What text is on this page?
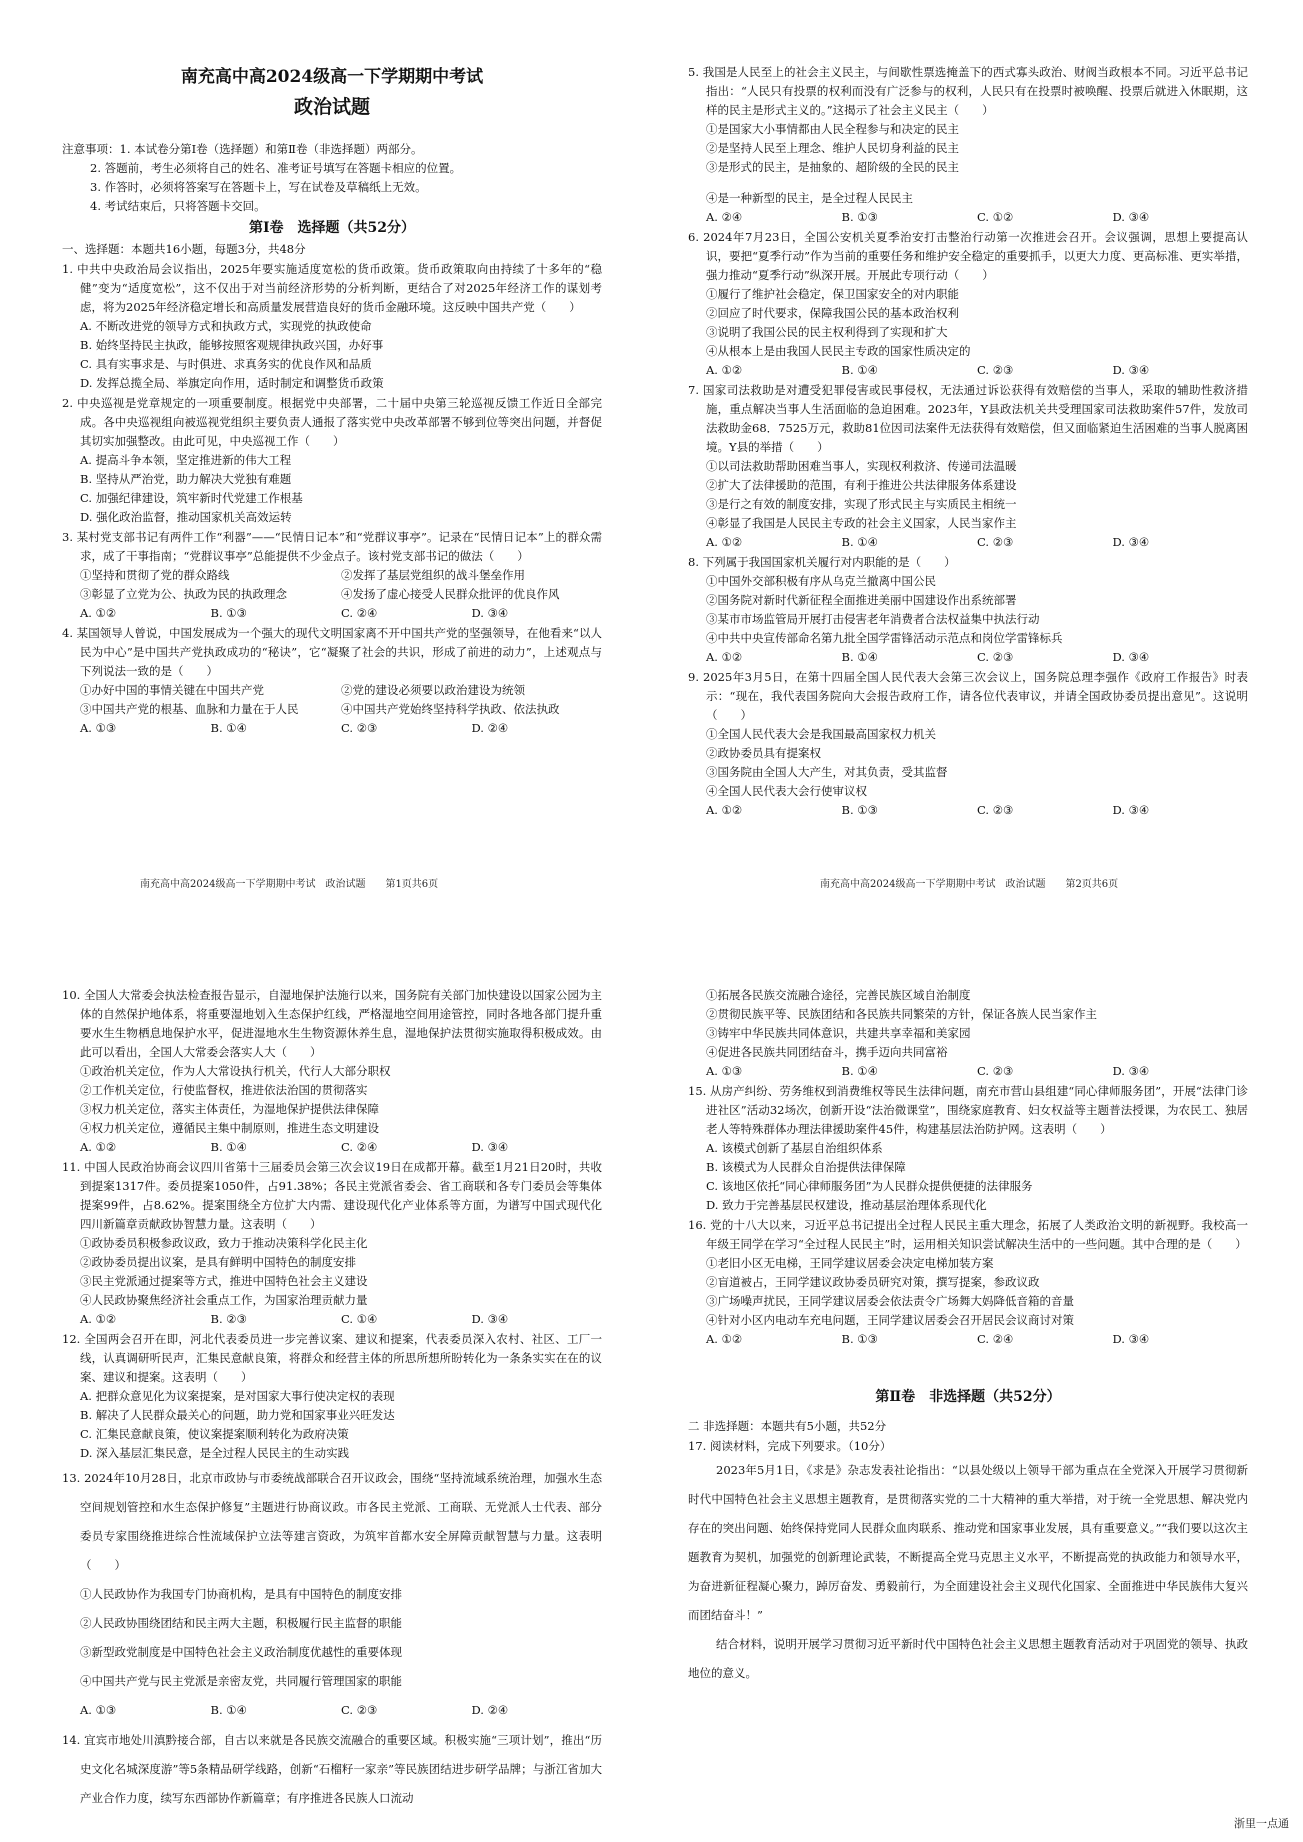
南充高中高2024级高一下学期期中考试
政治试题
注意事项：1. 本试卷分第Ⅰ卷（选择题）和第Ⅱ卷（非选择题）两部分。
2. 答题前，考生必须将自己的姓名、准考证号填写在答题卡相应的位置。
3. 作答时，必须将答案写在答题卡上，写在试卷及草稿纸上无效。
4. 考试结束后，只将答题卡交回。
第Ⅰ卷　选择题（共52分）
一、选择题：本题共16小题，每题3分，共48分
1. 中共中央政治局会议指出，2025年要实施适度宽松的货币政策。货币政策取向由持续了十多年的“稳健”变为“适度宽松”，这不仅出于对当前经济形势的分析判断，更结合了对2025年经济工作的谋划考虑，将为2025年经济稳定增长和高质量发展营造良好的货币金融环境。这反映中国共产党（　　）
A. 不断改进党的领导方式和执政方式，实现党的执政使命
B. 始终坚持民主执政，能够按照客观规律执政兴国，办好事
C. 具有实事求是、与时俱进、求真务实的优良作风和品质
D. 发挥总揽全局、举旗定向作用，适时制定和调整货币政策
2. 中央巡视是党章规定的一项重要制度。根据党中央部署，二十届中央第三轮巡视反馈工作近日全部完成。各中央巡视组向被巡视党组织主要负责人通报了落实党中央改革部署不够到位等突出问题，并督促其切实加强整改。由此可见，中央巡视工作（　　）
A. 提高斗争本领，坚定推进新的伟大工程
B. 坚持从严治党，助力解决大党独有难题
C. 加强纪律建设，筑牢新时代党建工作根基
D. 强化政治监督，推动国家机关高效运转
3. 某村党支部书记有两件工作“利器”——“民情日记本”和“党群议事亭”。记录在“民情日记本”上的群众需求，成了干事指南；“党群议事亭”总能提供不少金点子。该村党支部书记的做法（　　）
①坚持和贯彻了党的群众路线	②发挥了基层党组织的战斗堡垒作用
③彰显了立党为公、执政为民的执政理念	④发扬了虚心接受人民群众批评的优良作风
A. ①②	B. ①③	C. ②④	D. ③④
4. 某国领导人曾说，中国发展成为一个强大的现代文明国家离不开中国共产党的坚强领导，在他看来“以人民为中心”是中国共产党执政成功的“秘诀”，它“凝聚了社会的共识，形成了前进的动力”，上述观点与下列说法一致的是（　　）
①办好中国的事情关键在中国共产党	②党的建设必须要以政治建设为统领
③中国共产党的根基、血脉和力量在于人民	④中国共产党始终坚持科学执政、依法执政
A. ①③	B. ①④	C. ②③	D. ②④
南充高中高2024级高一下学期期中考试　政治试题　　第1页共6页
5. 我国是人民至上的社会主义民主，与间歇性票选掩盖下的西式寡头政治、财阀当政根本不同。习近平总书记指出：“人民只有投票的权利而没有广泛参与的权利，人民只有在投票时被唤醒、投票后就进入休眠期，这样的民主是形式主义的。”这揭示了社会主义民主（　　）
①是国家大小事情都由人民全程参与和决定的民主
②是坚持人民至上理念、维护人民切身利益的民主
③是形式的民主，是抽象的、超阶级的全民的民主
④是一种新型的民主，是全过程人民民主
A. ②④	B. ①③	C. ①②	D. ③④
6. 2024年7月23日，全国公安机关夏季治安打击整治行动第一次推进会召开。会议强调，思想上要提高认识，要把“夏季行动”作为当前的重要任务和维护安全稳定的重要抓手，以更大力度、更高标准、更实举措，强力推动“夏季行动”纵深开展。开展此专项行动（　　）
①履行了维护社会稳定，保卫国家安全的对内职能
②回应了时代要求，保障我国公民的基本政治权利
③说明了我国公民的民主权利得到了实现和扩大
④从根本上是由我国人民民主专政的国家性质决定的
A. ①②	B. ①④	C. ②③	D. ③④
7. 国家司法救助是对遭受犯罪侵害或民事侵权，无法通过诉讼获得有效赔偿的当事人，采取的辅助性救济措施，重点解决当事人生活面临的急迫困难。2023年，Y县政法机关共受理国家司法救助案件57件，发放司法救助金68．7525万元，救助81位因司法案件无法获得有效赔偿，但又面临紧迫生活困难的当事人脱离困境。Y县的举措（　　）
①以司法救助帮助困难当事人，实现权利救济、传递司法温暖
②扩大了法律援助的范围，有利于推进公共法律服务体系建设
③是行之有效的制度安排，实现了形式民主与实质民主相统一
④彰显了我国是人民民主专政的社会主义国家，人民当家作主
A. ①②	B. ①④	C. ②③	D. ③④
8. 下列属于我国国家机关履行对内职能的是（　　）
①中国外交部积极有序从乌克兰撤离中国公民
②国务院对新时代新征程全面推进美丽中国建设作出系统部署
③某市市场监管局开展打击侵害老年消费者合法权益集中执法行动
④中共中央宣传部命名第九批全国学雷锋活动示范点和岗位学雷锋标兵
A. ①②	B. ①④	C. ②③	D. ③④
9. 2025年3月5日，在第十四届全国人民代表大会第三次会议上，国务院总理李强作《政府工作报告》时表示：“现在，我代表国务院向大会报告政府工作，请各位代表审议，并请全国政协委员提出意见”。这说明（　　）
①全国人民代表大会是我国最高国家权力机关
②政协委员具有提案权
③国务院由全国人大产生，对其负责，受其监督
④全国人民代表大会行使审议权
A. ①②	B. ①③	C. ②③	D. ③④
南充高中高2024级高一下学期期中考试　政治试题　　第2页共6页
10. 全国人大常委会执法检查报告显示，自湿地保护法施行以来，国务院有关部门加快建设以国家公园为主体的自然保护地体系，将重要湿地划入生态保护红线，严格湿地空间用途管控，同时各地各部门提升重要水生生物栖息地保护水平，促进湿地水生生物资源休养生息，湿地保护法贯彻实施取得积极成效。由此可以看出，全国人大常委会落实人大（　　）
①政治机关定位，作为人大常设执行机关，代行人大部分职权
②工作机关定位，行使监督权，推进依法治国的贯彻落实
③权力机关定位，落实主体责任，为湿地保护提供法律保障
④权力机关定位，遵循民主集中制原则，推进生态文明建设
A. ①②	B. ①④	C. ②④	D. ③④
11. 中国人民政治协商会议四川省第十三届委员会第三次会议19日在成都开幕。截至1月21日20时，共收到提案1317件。委员提案1050件，占91.38%；各民主党派省委会、省工商联和各专门委员会等集体提案99件，占8.62%。提案围绕全方位扩大内需、建设现代化产业体系等方面，为谱写中国式现代化四川新篇章贡献政协智慧力量。这表明（　　）
①政协委员积极参政议政，致力于推动决策科学化民主化
②政协委员提出议案，是具有鲜明中国特色的制度安排
③民主党派通过提案等方式，推进中国特色社会主义建设
④人民政协聚焦经济社会重点工作，为国家治理贡献力量
A. ①②	B. ②③	C. ①④	D. ③④
12. 全国两会召开在即，河北代表委员进一步完善议案、建议和提案，代表委员深入农村、社区、工厂一线，认真调研听民声，汇集民意献良策，将群众和经营主体的所思所想所盼转化为一条条实实在在的议案、建议和提案。这表明（　　）
A. 把群众意见化为议案提案，是对国家大事行使决定权的表现
B. 解决了人民群众最关心的问题，助力党和国家事业兴旺发达
C. 汇集民意献良策，使议案提案顺利转化为政府决策
D. 深入基层汇集民意，是全过程人民民主的生动实践
13. 2024年10月28日，北京市政协与市委统战部联合召开议政会，围绕“坚持流域系统治理，加强水生态空间规划管控和水生态保护修复”主题进行协商议政。市各民主党派、工商联、无党派人士代表、部分委员专家围绕推进综合性流域保护立法等建言资政，为筑牢首都水安全屏障贡献智慧与力量。这表明（　　）
①人民政协作为我国专门协商机构，是具有中国特色的制度安排
②人民政协围绕团结和民主两大主题，积极履行民主监督的职能
③新型政党制度是中国特色社会主义政治制度优越性的重要体现
④中国共产党与民主党派是亲密友党，共同履行管理国家的职能
A. ①③	B. ①④	C. ②③	D. ②④
14. 宜宾市地处川滇黔接合部，自古以来就是各民族交流融合的重要区域。积极实施“三项计划”，推出“历史文化名城深度游”等5条精品研学线路，创新“石榴籽一家亲”等民族团结进步研学品牌；与浙江省加大产业合作力度，续写东西部协作新篇章；有序推进各民族人口流动
①拓展各民族交流融合途径，完善民族区域自治制度
②贯彻民族平等、民族团结和各民族共同繁荣的方针，保证各族人民当家作主
③铸牢中华民族共同体意识，共建共享幸福和美家园
④促进各民族共同团结奋斗，携手迈向共同富裕
A. ①③	B. ①④	C. ②③	D. ③④
15. 从房产纠纷、劳务维权到消费维权等民生法律问题，南充市营山县组建“同心律师服务团”，开展“法律门诊进社区”活动32场次，创新开设“法治微课堂”，围绕家庭教育、妇女权益等主题普法授课，为农民工、独居老人等特殊群体办理法律援助案件45件，构建基层法治防护网。这表明（　　）
A. 该模式创新了基层自治组织体系
B. 该模式为人民群众自治提供法律保障
C. 该地区依托“同心律师服务团”为人民群众提供便捷的法律服务
D. 致力于完善基层民权建设，推动基层治理体系现代化
16. 党的十八大以来，习近平总书记提出全过程人民民主重大理念，拓展了人类政治文明的新视野。我校高一年级王同学在学习“全过程人民民主”时，运用相关知识尝试解决生活中的一些问题。其中合理的是（　　）
①老旧小区无电梯，王同学建议居委会决定电梯加装方案
②盲道被占，王同学建议政协委员研究对策，撰写提案，参政议政
③广场噪声扰民，王同学建议居委会依法责令广场舞大妈降低音箱的音量
④针对小区内电动车充电问题，王同学建议居委会召开居民会议商讨对策
A. ①②	B. ①③	C. ②④	D. ③④
第Ⅱ卷　非选择题（共52分）
二 非选择题：本题共有5小题，共52分
17. 阅读材料，完成下列要求。（10分）
2023年5月1日，《求是》杂志发表社论指出：“以县处级以上领导干部为重点在全党深入开展学习贯彻新时代中国特色社会主义思想主题教育，是贯彻落实党的二十大精神的重大举措，对于统一全党思想、解决党内存在的突出问题、始终保持党同人民群众血肉联系、推动党和国家事业发展，具有重要意义。”“我们要以这次主题教育为契机，加强党的创新理论武装，不断提高全党马克思主义水平，不断提高党的执政能力和领导水平，为奋进新征程凝心聚力，踔厉奋发、勇毅前行，为全面建设社会主义现代化国家、全面推进中华民族伟大复兴而团结奋斗！”
结合材料，说明开展学习贯彻习近平新时代中国特色社会主义思想主题教育活动对于巩固党的领导、执政地位的意义。
浙里一点通
